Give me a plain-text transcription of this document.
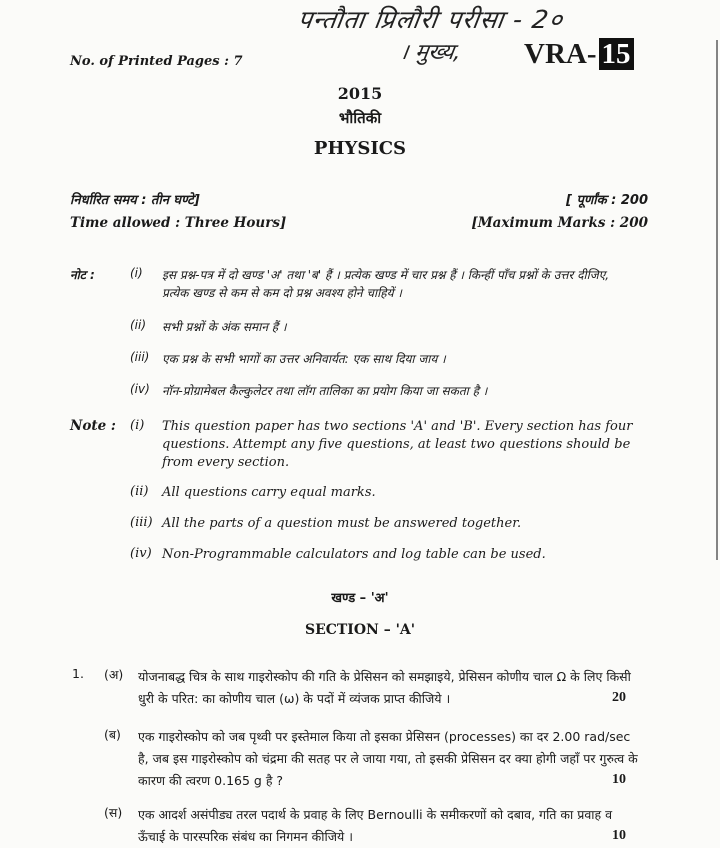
पन्तौता प्रिलौरी परीसा - 2०
। मुख्य,
No. of Printed Pages : 7	VRA- 15
2015
भौतिकी
PHYSICS
निर्धारित समय : तीन घण्टे]	[ पूर्णांक : 200
Time allowed : Three Hours]	[Maximum Marks : 200
नोट :	(i) इस प्रश्न-पत्र में दो खण्ड 'अ' तथा 'ब' हैं । प्रत्येक खण्ड में चार प्रश्न हैं । किन्हीं पाँच प्रश्नों के उत्तर दीजिए, प्रत्येक खण्ड से कम से कम दो प्रश्न अवश्य होने चाहियें ।
(ii) सभी प्रश्नों के अंक समान हैं ।
(iii) एक प्रश्न के सभी भागों का उत्तर अनिवार्यत: एक साथ दिया जाय ।
(iv) नॉन-प्रोग्रामेबल कैल्कुलेटर तथा लॉग तालिका का प्रयोग किया जा सकता है ।
Note : (i) This question paper has two sections 'A' and 'B'. Every section has four questions. Attempt any five questions, at least two questions should be from every section.
(ii) All questions carry equal marks.
(iii) All the parts of a question must be answered together.
(iv) Non-Programmable calculators and log table can be used.
खण्ड – 'अ'
SECTION – 'A'
1. (अ) योजनाबद्ध चित्र के साथ गाइरोस्कोप की गति के प्रेसिसन को समझाइये, प्रेसिसन कोणीय चाल Ω के लिए किसी धुरी के परित: का कोणीय चाल (ω) के पदों में व्यंजक प्राप्त कीजिये ।	20
(ब) एक गाइरोस्कोप को जब पृथ्वी पर इस्तेमाल किया तो इसका प्रेसिसन (processes) का दर 2.00 rad/sec है, जब इस गाइरोस्कोप को चंद्रमा की सतह पर ले जाया गया, तो इसकी प्रेसिसन दर क्या होगी जहाँ पर गुरुत्व के कारण की त्वरण 0.165 g है ?	10
(स) एक आदर्श असंपीड्य तरल पदार्थ के प्रवाह के लिए Bernoulli के समीकरणों को दबाव, गति का प्रवाह व ऊँचाई के पारस्परिक संबंध का निगमन कीजिये ।	10
